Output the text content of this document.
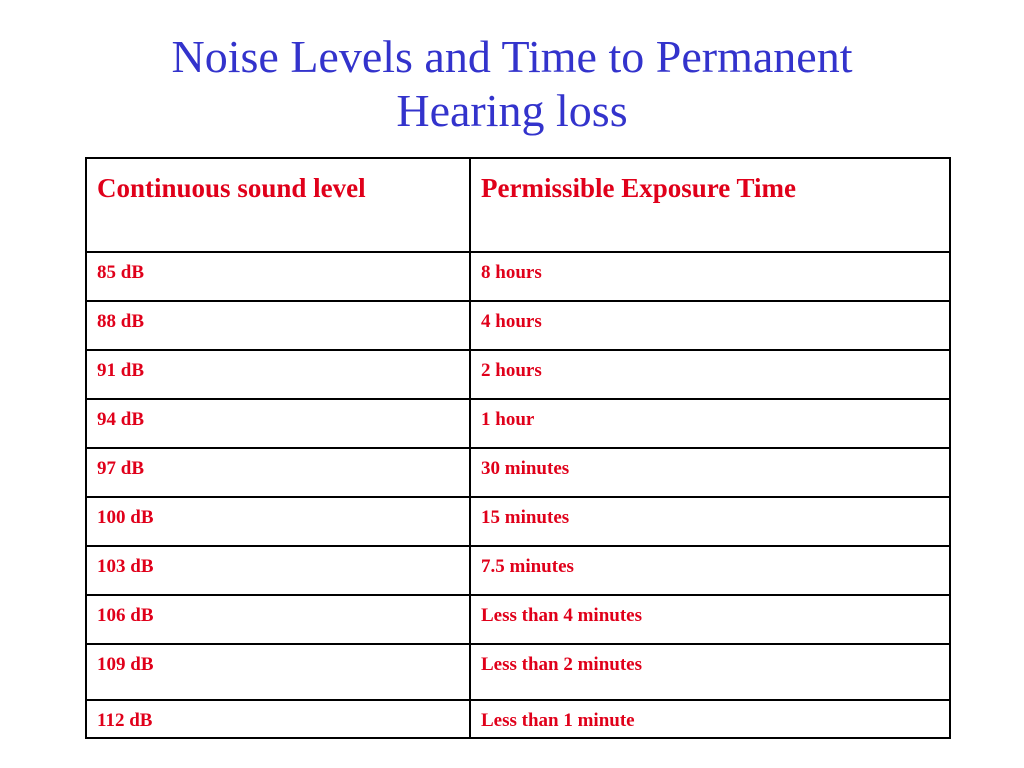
Noise Levels and Time to Permanent
Hearing loss
Continuous sound level	Permissible Exposure Time
85 dB	8 hours
88 dB	4 hours
91 dB	2 hours
94 dB	1 hour
97 dB	30 minutes
100 dB	15 minutes
103 dB	7.5 minutes
106 dB	Less than 4 minutes
109 dB	Less than 2 minutes
112 dB	Less than 1 minute
